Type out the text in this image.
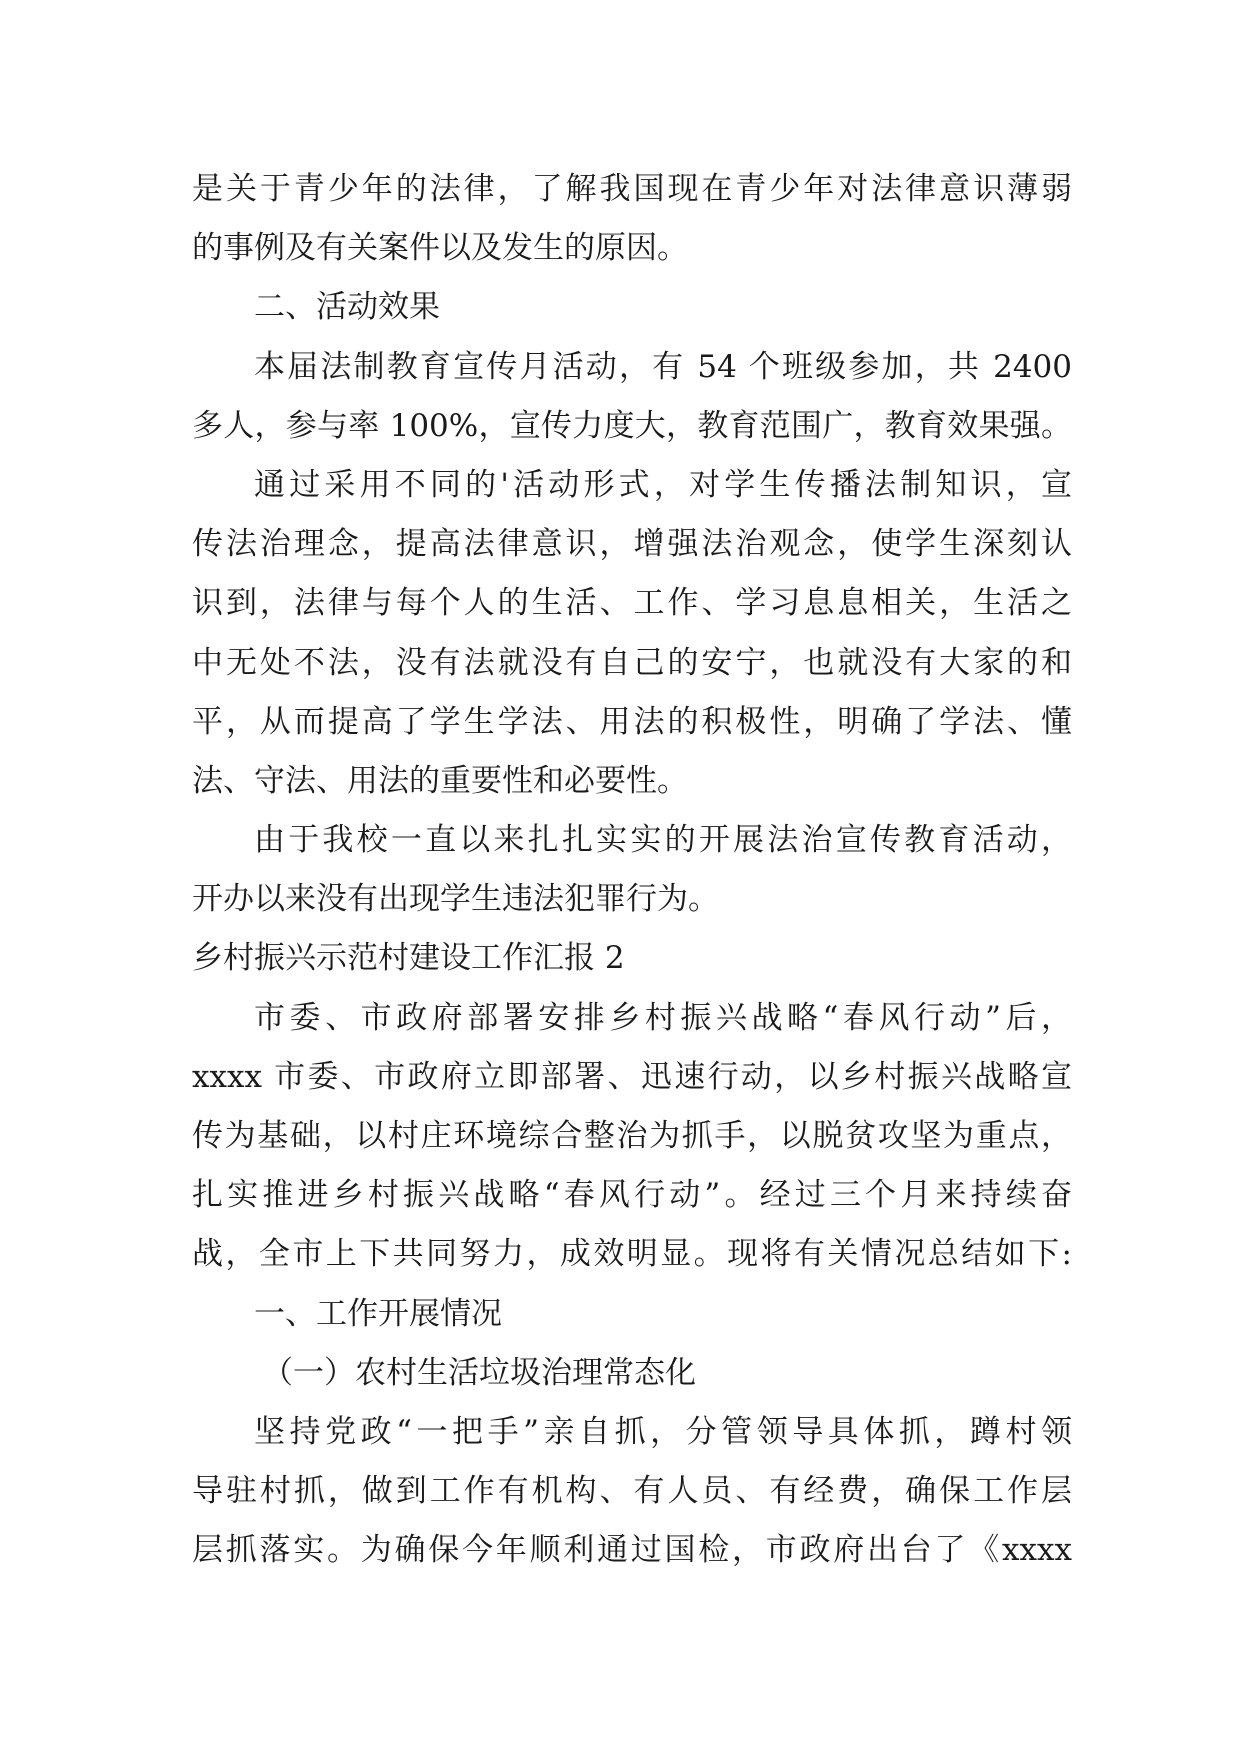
是关于青少年的法律，了解我国现在青少年对法律意识薄弱
的事例及有关案件以及发生的原因。
二、活动效果
本届法制教育宣传月活动，有 54 个班级参加，共 2400
多人，参与率 100%，宣传力度大，教育范围广，教育效果强。
通过采用不同的'活动形式，对学生传播法制知识，宣
传法治理念，提高法律意识，增强法治观念，使学生深刻认
识到，法律与每个人的生活、工作、学习息息相关，生活之
中无处不法，没有法就没有自己的安宁，也就没有大家的和
平，从而提高了学生学法、用法的积极性，明确了学法、懂
法、守法、用法的重要性和必要性。
由于我校一直以来扎扎实实的开展法治宣传教育活动，
开办以来没有出现学生违法犯罪行为。
乡村振兴示范村建设工作汇报 2
市委、市政府部署安排乡村振兴战略“春风行动”后，
xxxx 市委、市政府立即部署、迅速行动，以乡村振兴战略宣
传为基础，以村庄环境综合整治为抓手，以脱贫攻坚为重点，
扎实推进乡村振兴战略“春风行动”。经过三个月来持续奋
战，全市上下共同努力，成效明显。现将有关情况总结如下:
一、工作开展情况
（一）农村生活垃圾治理常态化
坚持党政“一把手”亲自抓，分管领导具体抓，蹲村领
导驻村抓，做到工作有机构、有人员、有经费，确保工作层
层抓落实。为确保今年顺利通过国检，市政府出台了《xxxx
